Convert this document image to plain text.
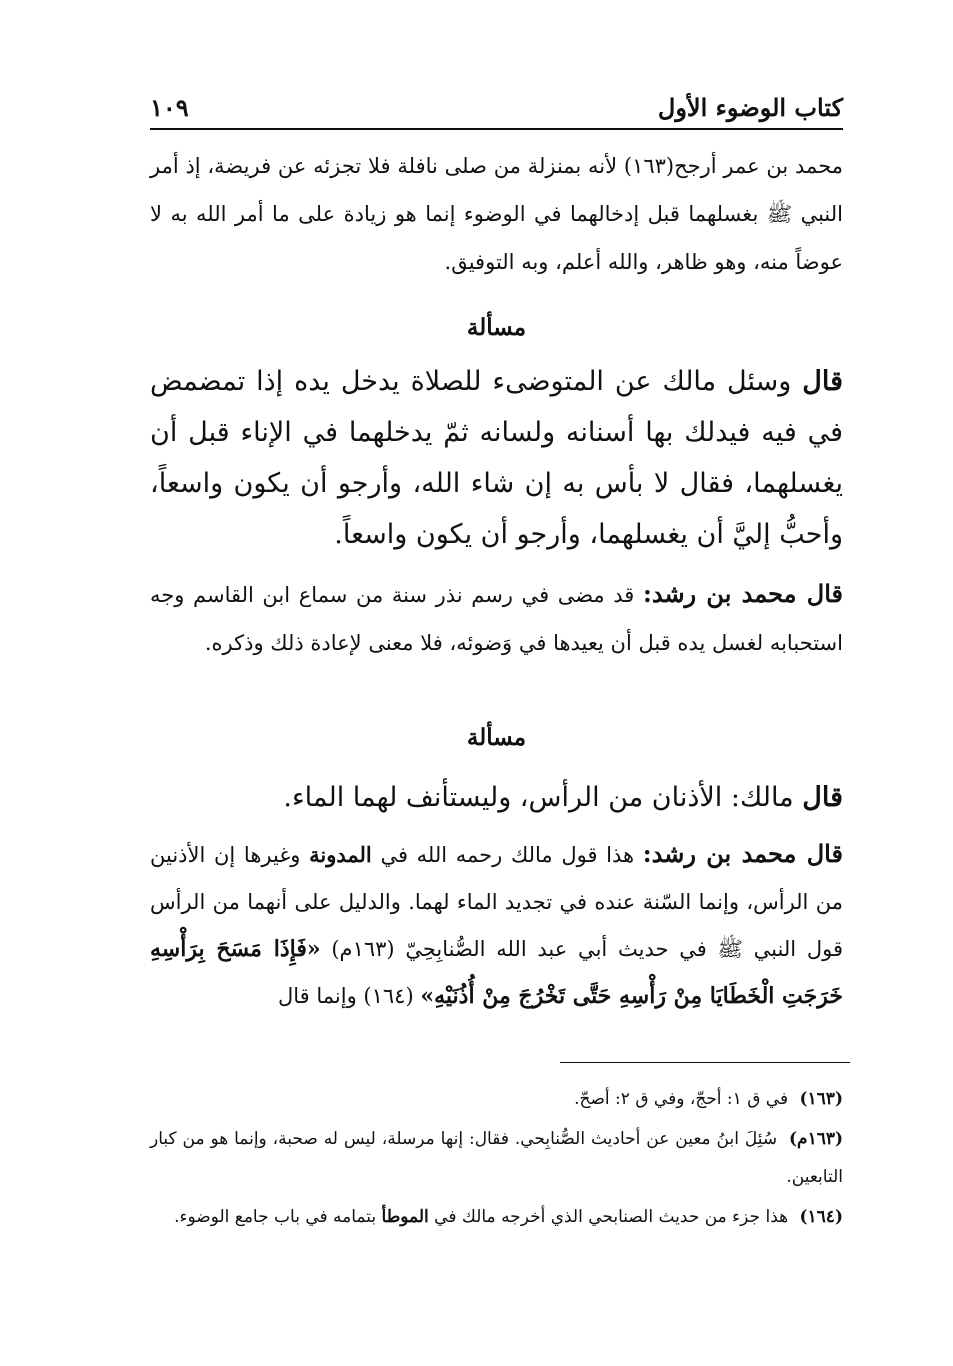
كتاب الوضوء الأول
١٠٩

محمد بن عمر أرجح(١٦٣) لأنه بمنزلة من صلى نافلة فلا تجزئه عن فريضة، إذ أمر النبي ﷺ بغسلهما قبل إدخالهما في الوضوء إنما هو زيادة على ما أمر الله به لا عوضاً منه، وهو ظاهر، والله أعلم، وبه التوفيق.

مسألة

قال وسئل مالك عن المتوضىء للصلاة يدخل يده إذا تمضمض في فيه فيدلك بها أسنانه ولسانه ثمّ يدخلهما في الإناء قبل أن يغسلهما، فقال لا بأس به إن شاء الله، وأرجو أن يكون واسعاً، وأحبُّ إليَّ أن يغسلهما، وأرجو أن يكون واسعاً.

قال محمد بن رشد: قد مضى في رسم نذر سنة من سماع ابن القاسم وجه استحبابه لغسل يده قبل أن يعيدها في وَضوئه، فلا معنى لإعادة ذلك وذكره.

مسألة

قال مالك: الأذنان من الرأس، وليستأنف لهما الماء.

قال محمد بن رشد: هذا قول مالك رحمه الله في المدونة وغيرها إن الأذنين من الرأس، وإنما السّنة عنده في تجديد الماء لهما. والدليل على أنهما من الرأس قول النبي ﷺ في حديث أبي عبد الله الصُّنابِحِيّ (١٦٣م) «فَإِذَا مَسَحَ بِرَأْسِهِ خَرَجَتِ الْخَطَايَا مِنْ رَأْسِهِ حَتَّى تَخْرُجَ مِنْ أُذُنَيْهِ» (١٦٤) وإنما قال

(١٦٣) في ق ١: أحجّ، وفي ق ٢: أصحّ.
(١٦٣م) سُئِلَ ابنُ معين عن أحاديث الصُّنابِحي. فقال: إنها مرسلة، ليس له صحبة، وإنما هو من كبار التابعين.
(١٦٤) هذا جزء من حديث الصنابحي الذي أخرجه مالك في الموطأ بتمامه في باب جامع الوضوء.
